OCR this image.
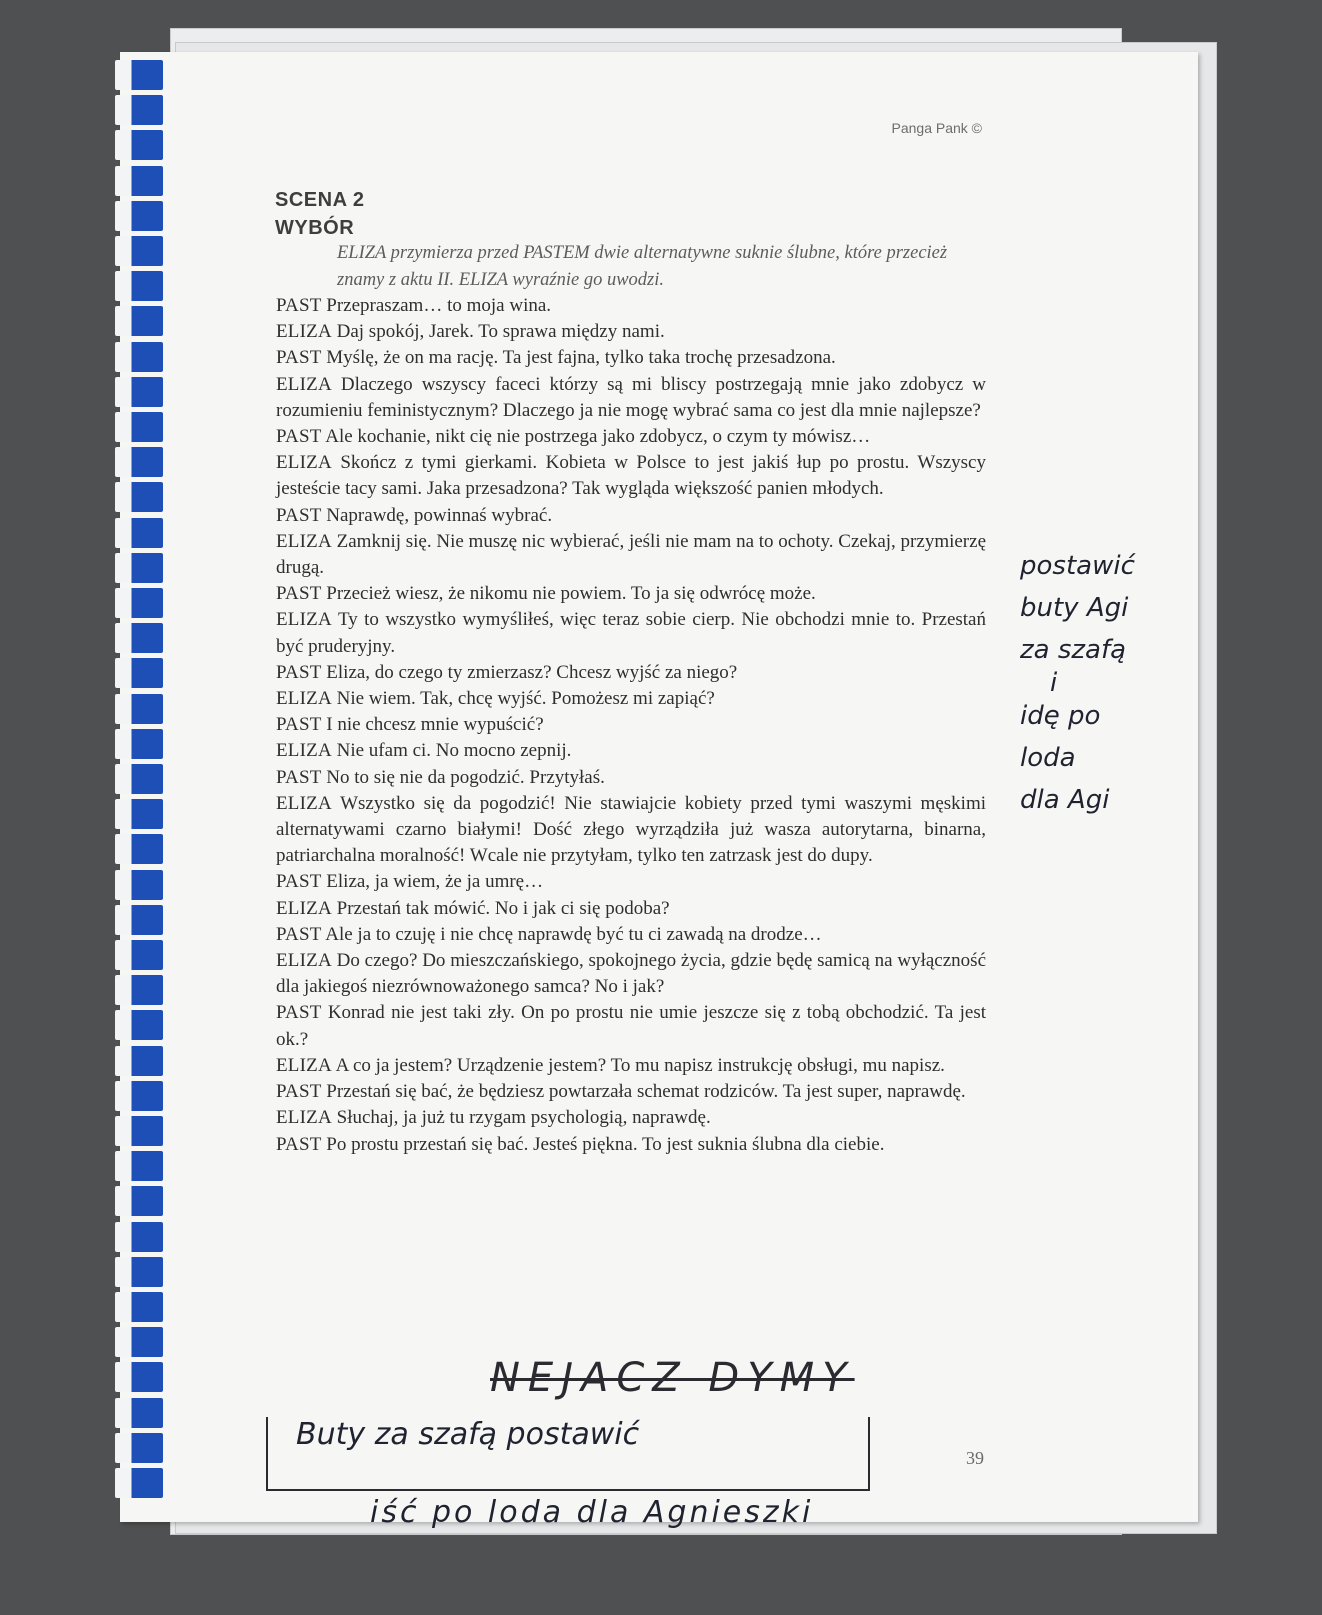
Panga Pank ©
SCENA 2
WYBÓR
ELIZA przymierza przed PASTEM dwie alternatywne suknie ślubne, które przecież znamy z aktu II. ELIZA wyraźnie go uwodzi.

PAST Przepraszam… to moja wina.

ELIZA Daj spokój, Jarek. To sprawa między nami.

PAST Myślę, że on ma rację. Ta jest fajna, tylko taka trochę przesadzona.

ELIZA Dlaczego wszyscy faceci którzy są mi bliscy postrzegają mnie jako zdobycz w rozumieniu feministycznym? Dlaczego ja nie mogę wybrać sama co jest dla mnie najlepsze?

PAST Ale kochanie, nikt cię nie postrzega jako zdobycz, o czym ty mówisz…

ELIZA Skończ z tymi gierkami. Kobieta w Polsce to jest jakiś łup po prostu. Wszyscy jesteście tacy sami. Jaka przesadzona? Tak wygląda większość panien młodych.

PAST Naprawdę, powinnaś wybrać.

ELIZA Zamknij się. Nie muszę nic wybierać, jeśli nie mam na to ochoty. Czekaj, przymierzę drugą.

PAST Przecież wiesz, że nikomu nie powiem. To ja się odwrócę może.

ELIZA Ty to wszystko wymyśliłeś, więc teraz sobie cierp. Nie obchodzi mnie to. Przestań być pruderyjny.

PAST Eliza, do czego ty zmierzasz? Chcesz wyjść za niego?

ELIZA Nie wiem. Tak, chcę wyjść. Pomożesz mi zapiąć?

PAST I nie chcesz mnie wypuścić?

ELIZA Nie ufam ci. No mocno zepnij.

PAST No to się nie da pogodzić. Przytyłaś.

ELIZA Wszystko się da pogodzić! Nie stawiajcie kobiety przed tymi waszymi męskimi alternatywami czarno białymi! Dość złego wyrządziła już wasza autorytarna, binarna, patriarchalna moralność! Wcale nie przytyłam, tylko ten zatrzask jest do dupy.

PAST Eliza, ja wiem, że ja umrę…

ELIZA Przestań tak mówić. No i jak ci się podoba?

PAST Ale ja to czuję i nie chcę naprawdę być tu ci zawadą na drodze…

ELIZA Do czego? Do mieszczańskiego, spokojnego życia, gdzie będę samicą na wyłączność dla jakiegoś niezrównoważonego samca? No i jak?

PAST Konrad nie jest taki zły. On po prostu nie umie jeszcze się z tobą obchodzić. Ta jest ok.?

ELIZA A co ja jestem? Urządzenie jestem? To mu napisz instrukcję obsługi, mu napisz.

PAST Przestań się bać, że będziesz powtarzała schemat rodziców. Ta jest super, naprawdę.

ELIZA Słuchaj, ja już tu rzygam psychologią, naprawdę.

PAST Po prostu przestań się bać. Jesteś piękna. To jest suknia ślubna dla ciebie.

39
postawić
buty Agi
za szafą
i
idę po
loda
dla Agi
NEJACZ DYMY
Buty za szafą postawić
iść po loda dla Agnieszki
